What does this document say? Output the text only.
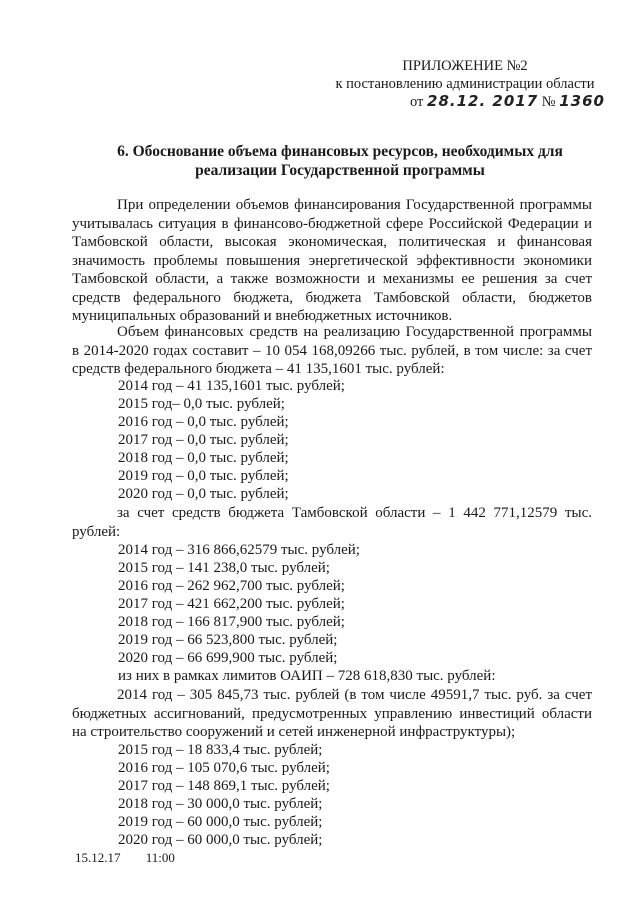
ПРИЛОЖЕНИЕ №2
к постановлению администрации области
от 28.12. 2017 № 1360
6. Обоснование объема финансовых ресурсов, необходимых для реализации Государственной программы
При определении объемов финансирования Государственной программы учитывалась ситуация в финансово-бюджетной сфере Российской Федерации и Тамбовской области, высокая экономическая, политическая и финансовая значимость проблемы повышения энергетической эффективности экономики Тамбовской области, а также возможности и механизмы ее решения за счет средств федерального бюджета, бюджета Тамбовской области, бюджетов муниципальных образований и внебюджетных источников.
Объем финансовых средств на реализацию Государственной программы в 2014-2020 годах составит – 10 054 168,09266 тыс. рублей, в том числе: за счет средств федерального бюджета – 41 135,1601 тыс. рублей:
2014 год – 41 135,1601 тыс. рублей;
2015 год– 0,0 тыс. рублей;
2016 год – 0,0 тыс. рублей;
2017 год – 0,0 тыс. рублей;
2018 год – 0,0 тыс. рублей;
2019 год – 0,0 тыс. рублей;
2020 год – 0,0 тыс. рублей;
за счет средств бюджета Тамбовской области – 1 442 771,12579 тыс. рублей:
2014 год – 316 866,62579 тыс. рублей;
2015 год – 141 238,0 тыс. рублей;
2016 год – 262 962,700 тыс. рублей;
2017 год – 421 662,200 тыс. рублей;
2018 год – 166 817,900 тыс. рублей;
2019 год – 66 523,800 тыс. рублей;
2020 год – 66 699,900 тыс. рублей;
из них в рамках лимитов ОАИП – 728 618,830 тыс. рублей:
2014 год – 305 845,73 тыс. рублей (в том числе 49591,7 тыс. руб. за счет бюджетных ассигнований, предусмотренных управлению инвестиций области на строительство сооружений и сетей инженерной инфраструктуры);
2015 год – 18 833,4 тыс. рублей;
2016 год – 105 070,6 тыс. рублей;
2017 год – 148 869,1 тыс. рублей;
2018 год – 30 000,0 тыс. рублей;
2019 год – 60 000,0 тыс. рублей;
2020 год – 60 000,0 тыс. рублей;
15.12.17 11:00
